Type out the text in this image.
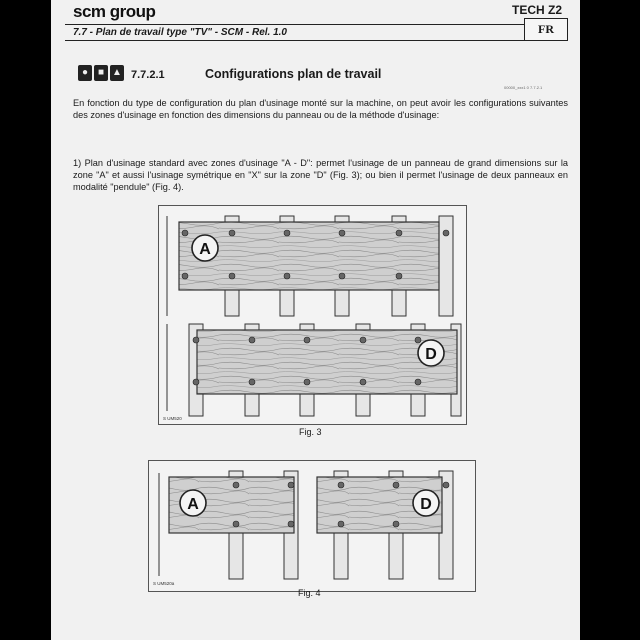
scm group	TECH Z2
7.7 - Plan de travail type "TV" - SCM - Rel. 1.0	FR
● ■ ▲ 7.7.2.1	Configurations plan de travail
00000_xxx1 0 7.7.2.1
En fonction du type de configuration du plan d'usinage monté sur la machine, on peut avoir les configurations suivantes des zones d'usinage en fonction des dimensions du panneau ou de la méthode d'usinage:
1) Plan d'usinage standard avec zones d'usinage "A - D": permet l'usinage de un panneau de grand dimensions sur la zone "A" et aussi l'usinage symétrique en "X" sur la zone "D" (Fig. 3); ou bien il permet l'usinage de deux panneaux en modalité "pendule" (Fig. 4).
A
D
S UM520
Fig. 3
A	D
S UM520a
Fig. 4
